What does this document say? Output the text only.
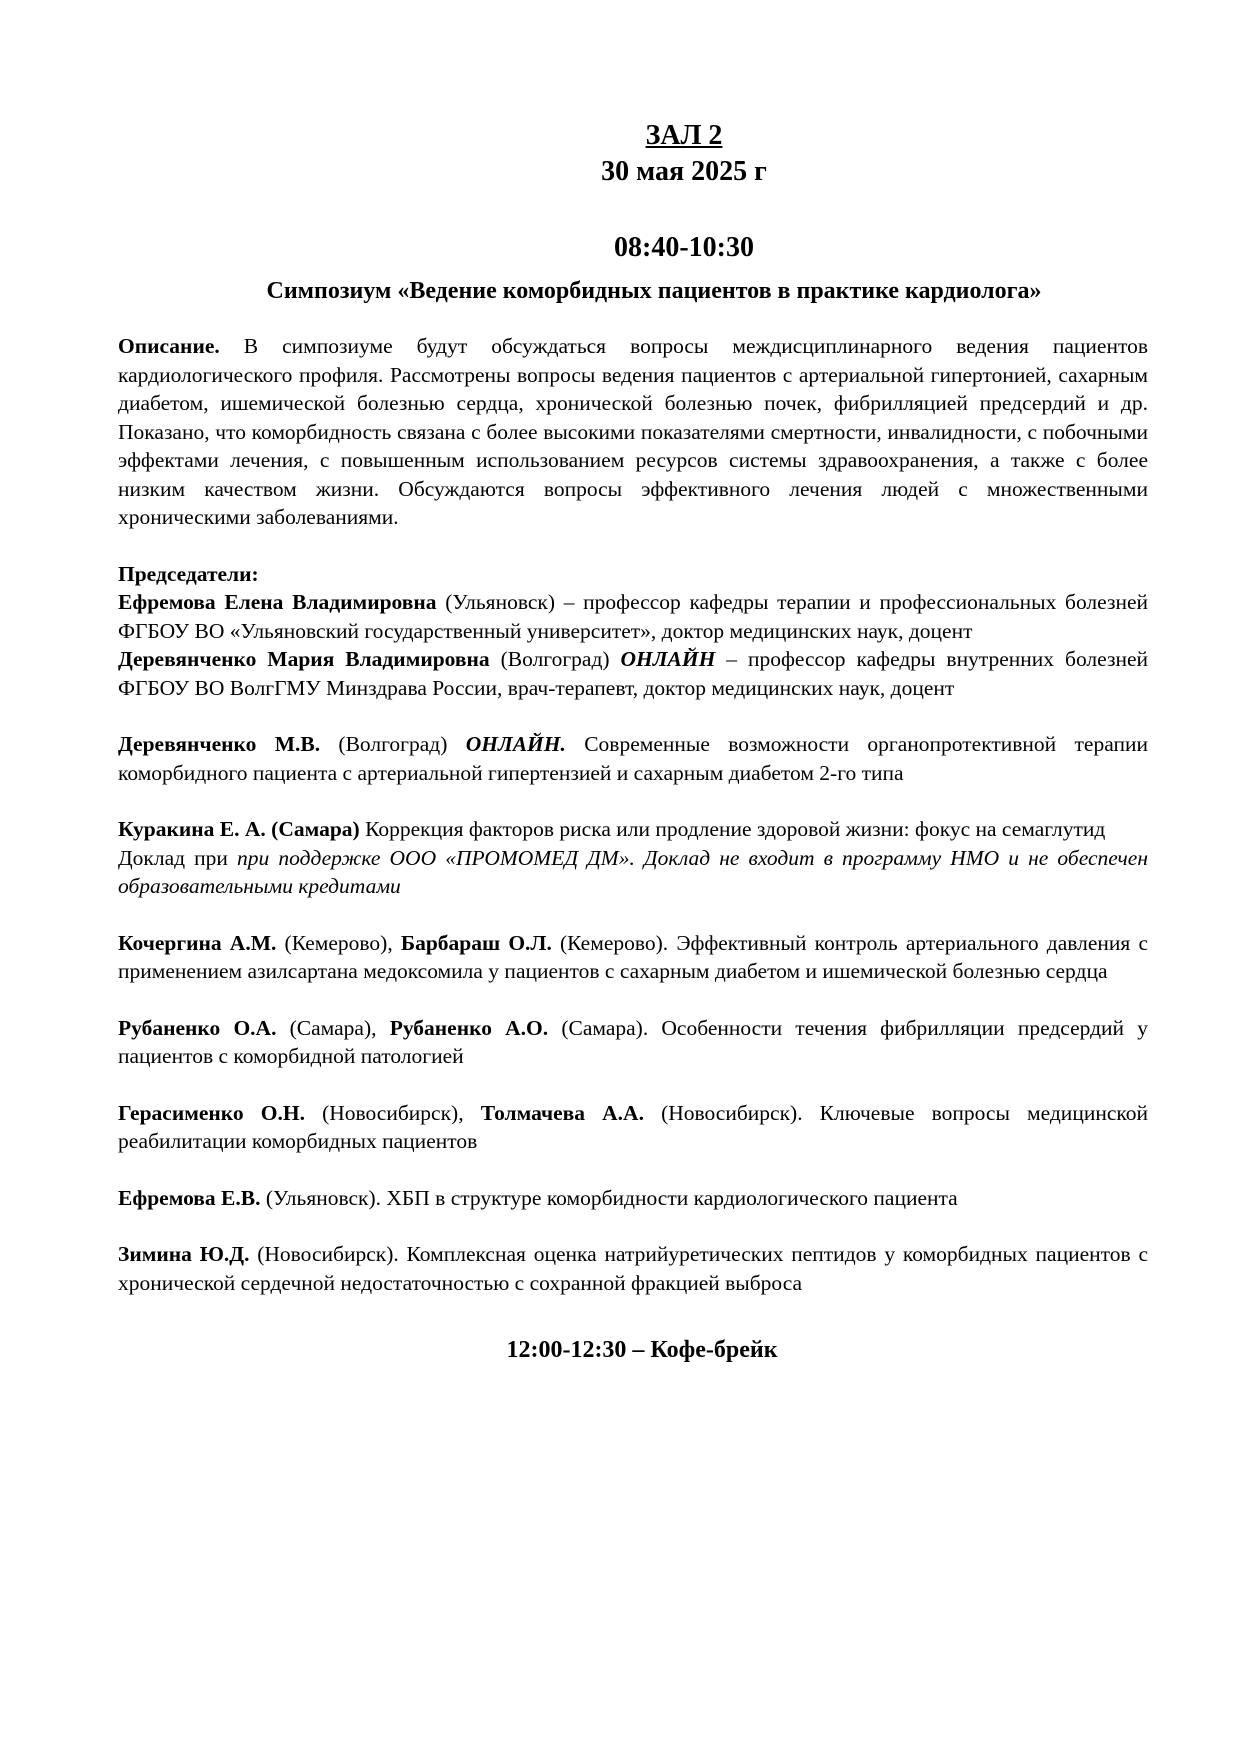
ЗАЛ 2
30 мая 2025 г
08:40-10:30
Симпозиум «Ведение коморбидных пациентов в практике кардиолога»

Описание. В симпозиуме будут обсуждаться вопросы междисциплинарного ведения пациентов кардиологического профиля. Рассмотрены вопросы ведения пациентов с артериальной гипертонией, сахарным диабетом, ишемической болезнью сердца, хронической болезнью почек, фибрилляцией предсердий и др. Показано, что коморбидность связана с более высокими показателями смертности, инвалидности, с побочными эффектами лечения, с повышенным использованием ресурсов системы здравоохранения, а также с более низким качеством жизни. Обсуждаются вопросы эффективного лечения людей с множественными хроническими заболеваниями.

Председатели:

Ефремова Елена Владимировна (Ульяновск) – профессор кафедры терапии и профессиональных болезней ФГБОУ ВО «Ульяновский государственный университет», доктор медицинских наук, доцент

Деревянченко Мария Владимировна (Волгоград) ОНЛАЙН – профессор кафедры внутренних болезней ФГБОУ ВО ВолгГМУ Минздрава России, врач-терапевт, доктор медицинских наук, доцент

Деревянченко М.В. (Волгоград) ОНЛАЙН. Современные возможности органопротективной терапии коморбидного пациента с артериальной гипертензией и сахарным диабетом 2-го типа

Куракина Е. А. (Самара) Коррекция факторов риска или продление здоровой жизни: фокус на семаглутид

Доклад при при поддержке ООО «ПРОМОМЕД ДМ». Доклад не входит в программу НМО и не обеспечен образовательными кредитами

Кочергина А.М. (Кемерово), Барбараш О.Л. (Кемерово). Эффективный контроль артериального давления с применением азилсартана медоксомила у пациентов с сахарным диабетом и ишемической болезнью сердца

Рубаненко О.А. (Самара), Рубаненко А.О. (Самара). Особенности течения фибрилляции предсердий у пациентов с коморбидной патологией

Герасименко О.Н. (Новосибирск), Толмачева А.А. (Новосибирск). Ключевые вопросы медицинской реабилитации коморбидных пациентов

Ефремова Е.В. (Ульяновск). ХБП в структуре коморбидности кардиологического пациента

Зимина Ю.Д. (Новосибирск). Комплексная оценка натрийуретических пептидов у коморбидных пациентов с хронической сердечной недостаточностью с сохранной фракцией выброса

12:00-12:30 – Кофе-брейк
